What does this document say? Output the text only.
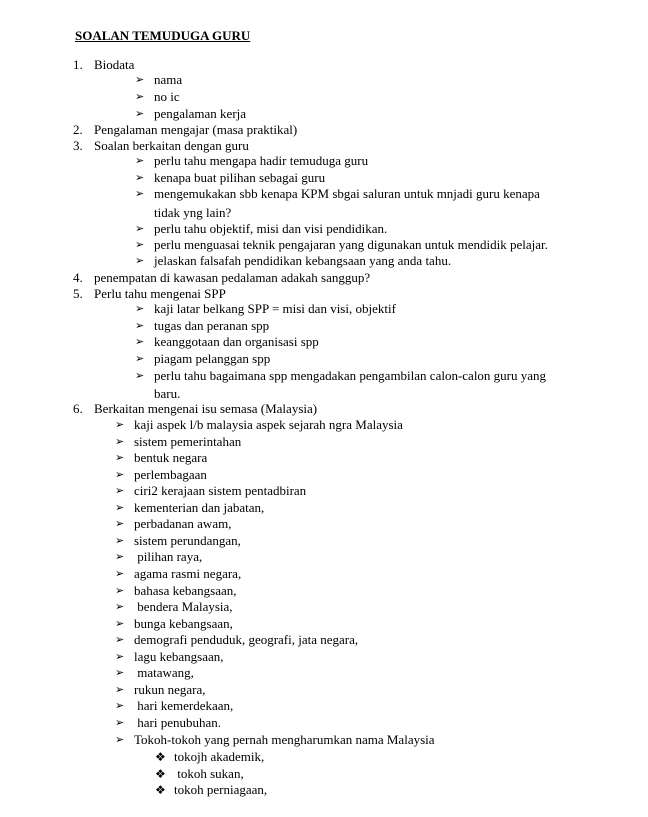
SOALAN TEMUDUGA GURU
1. Biodata
➢ nama
➢ no ic
➢ pengalaman kerja
2. Pengalaman mengajar (masa praktikal)
3. Soalan berkaitan dengan guru
➢ perlu tahu mengapa hadir temuduga guru
➢ kenapa buat pilihan sebagai guru
➢ mengemukakan sbb kenapa KPM sbgai saluran untuk mnjadi guru kenapa
tidak yng lain?
➢ perlu tahu objektif, misi dan visi pendidikan.
➢ perlu menguasai teknik pengajaran yang digunakan untuk mendidik pelajar.
➢ jelaskan falsafah pendidikan kebangsaan yang anda tahu.
4. penempatan di kawasan pedalaman adakah sanggup?
5. Perlu tahu mengenai SPP
➢ kaji latar belkang SPP = misi dan visi, objektif
➢ tugas dan peranan spp
➢ keanggotaan dan organisasi spp
➢ piagam pelanggan spp
➢ perlu tahu bagaimana spp mengadakan pengambilan calon-calon guru yang
baru.
6. Berkaitan mengenai isu semasa (Malaysia)
➢ kaji aspek l/b malaysia aspek sejarah ngra Malaysia
➢ sistem pemerintahan
➢ bentuk negara
➢ perlembagaan
➢ ciri2 kerajaan sistem pentadbiran
➢ kementerian dan jabatan,
➢ perbadanan awam,
➢ sistem perundangan,
➢ pilihan raya,
➢ agama rasmi negara,
➢ bahasa kebangsaan,
➢ bendera Malaysia,
➢ bunga kebangsaan,
➢ demografi penduduk, geografi, jata negara,
➢ lagu kebangsaan,
➢ matawang,
➢ rukun negara,
➢ hari kemerdekaan,
➢ hari penubuhan.
➢ Tokoh-tokoh yang pernah mengharumkan nama Malaysia
❖ tokojh akademik,
❖ tokoh sukan,
❖ tokoh perniagaan,
